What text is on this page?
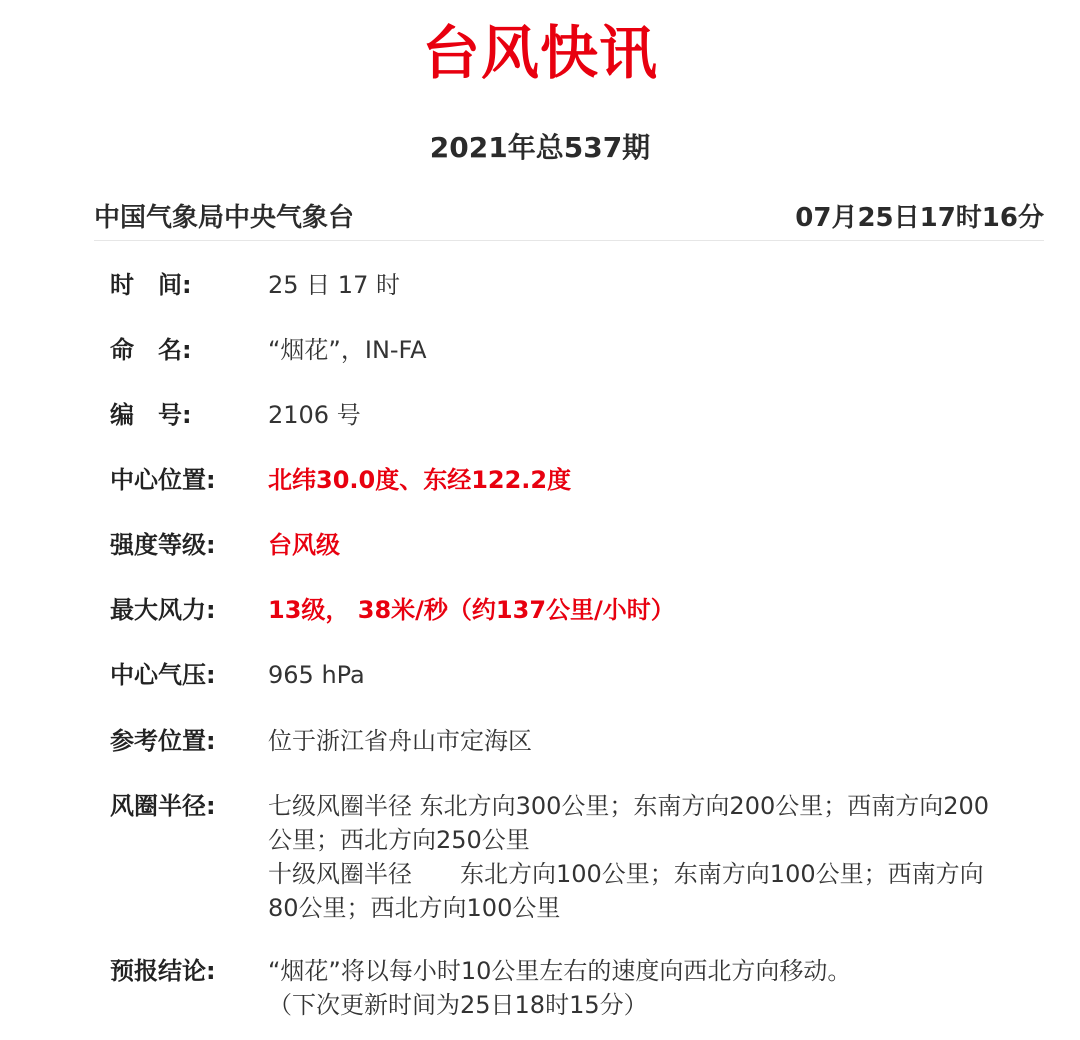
台风快讯
2021年总537期
中国气象局中央气象台	07月25日17时16分
时　间:	25 日 17 时
命　名:	“烟花”，IN-FA
编　号:	2106 号
中心位置:	北纬30.0度、东经122.2度
强度等级:	台风级
最大风力:	13级， 38米/秒（约137公里/小时）
中心气压:	965 hPa
参考位置:	位于浙江省舟山市定海区
风圈半径:	七级风圈半径 东北方向300公里；东南方向200公里；西南方向200
公里；西北方向250公里
十级风圈半径　　东北方向100公里；东南方向100公里；西南方向
80公里；西北方向100公里
预报结论:	“烟花”将以每小时10公里左右的速度向西北方向移动。
（下次更新时间为25日18时15分）
